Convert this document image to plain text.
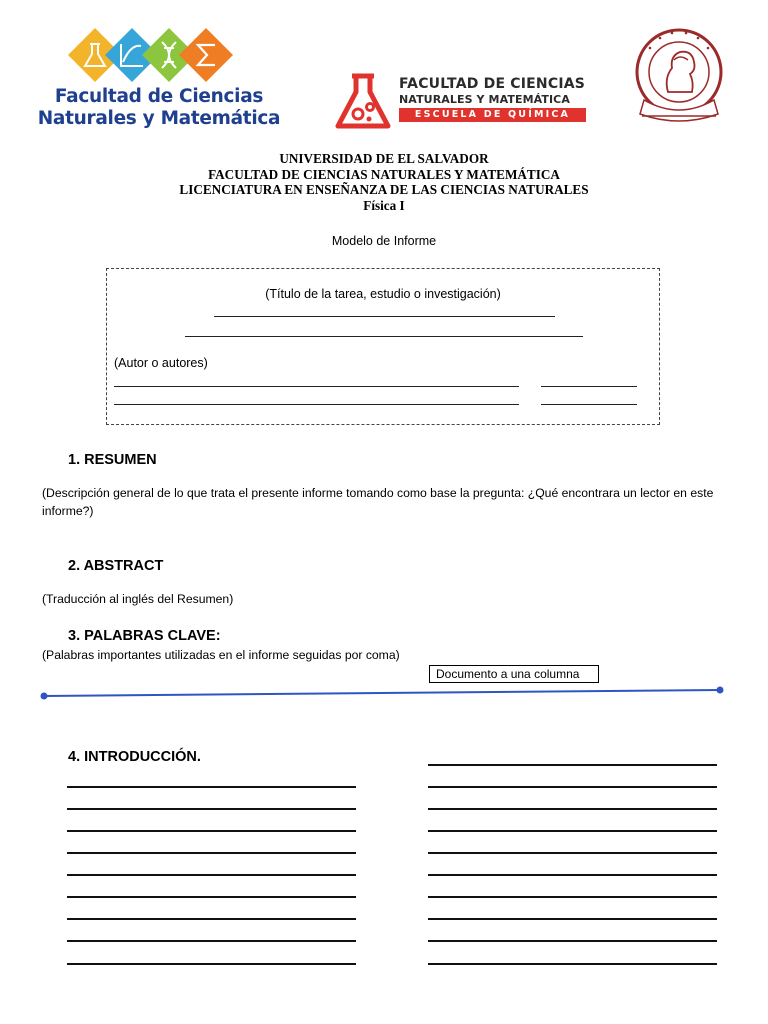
Facultad de Ciencias
Naturales y Matemática
FACULTAD DE CIENCIAS
NATURALES Y MATEMÁTICA
ESCUELA DE QUÍMICA
UNIVERSIDAD DE EL SALVADOR
FACULTAD DE CIENCIAS NATURALES Y MATEMÁTICA
LICENCIATURA EN ENSEÑANZA DE LAS CIENCIAS NATURALES
Física I
Modelo de Informe
(Título de la tarea, estudio o investigación)
(Autor o autores)
1. RESUMEN
(Descripción general de lo que trata el presente informe tomando como base la pregunta: ¿Qué encontrara un lector en este informe?)
2. ABSTRACT
(Traducción al inglés del Resumen)
3. PALABRAS CLAVE:
(Palabras importantes utilizadas en el informe seguidas por coma)
Documento a una columna
4. INTRODUCCIÓN.
